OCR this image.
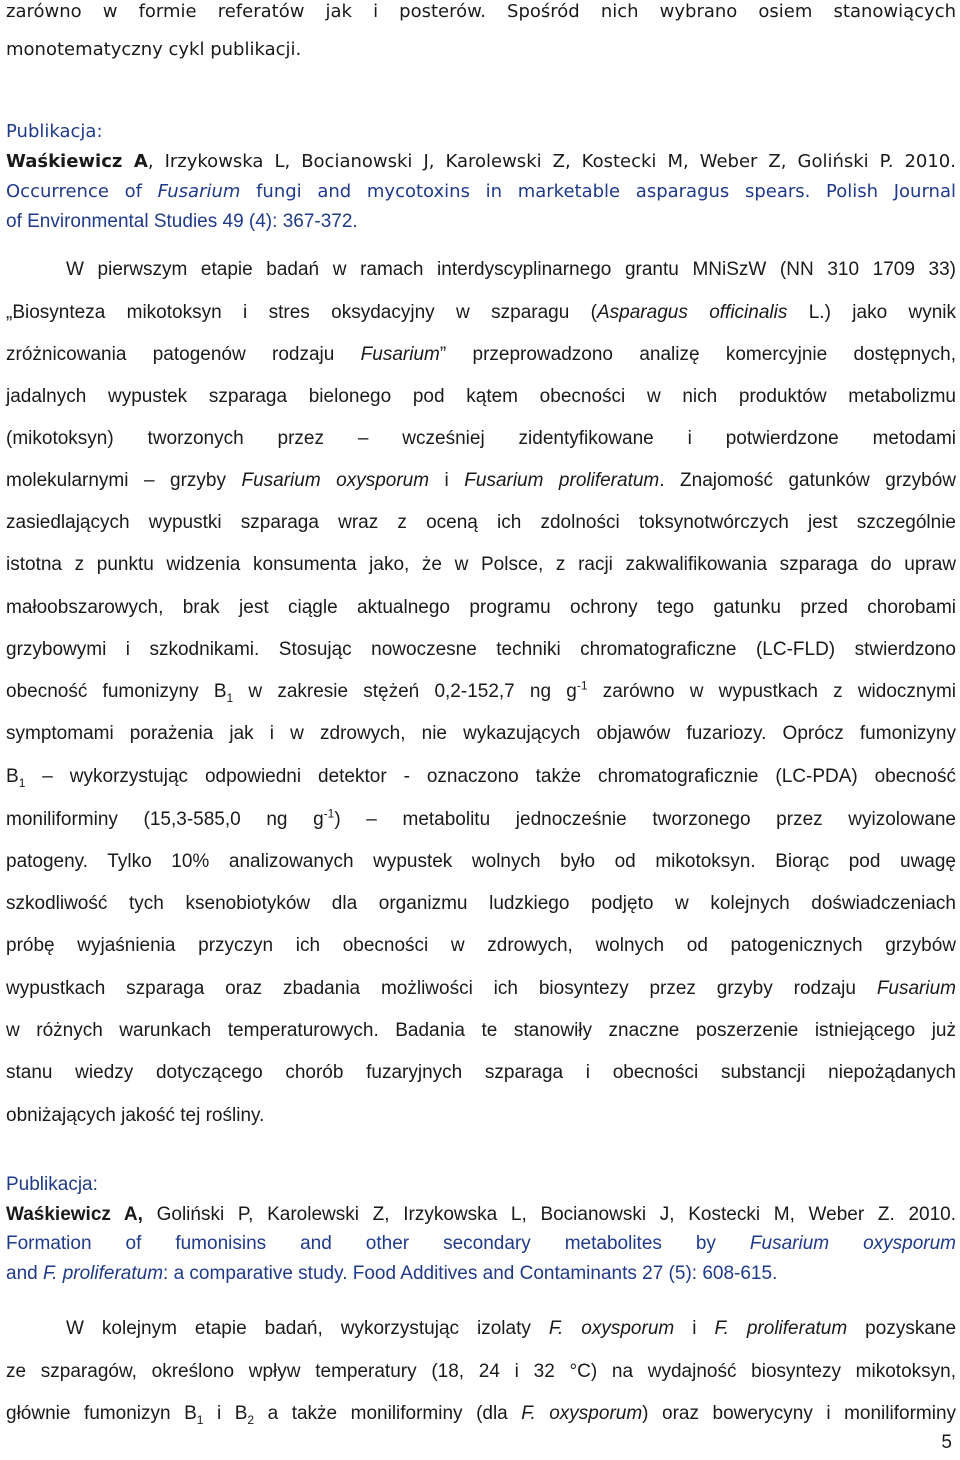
zarówno w formie referatów jak i posterów. Spośród nich wybrano osiem stanowiących
monotematyczny cykl publikacji.
Publikacja:
Waśkiewicz A, Irzykowska L, Bocianowski J, Karolewski Z, Kostecki M, Weber Z, Goliński P. 2010.
Occurrence of Fusarium fungi and mycotoxins in marketable asparagus spears. Polish Journal
of Environmental Studies 49 (4): 367-372.
W pierwszym etapie badań w ramach interdyscyplinarnego grantu MNiSzW (NN 310 1709 33)
„Biosynteza mikotoksyn i stres oksydacyjny w szparagu (Asparagus officinalis L.) jako wynik
zróżnicowania patogenów rodzaju Fusarium” przeprowadzono analizę komercyjnie dostępnych,
jadalnych wypustek szparaga bielonego pod kątem obecności w nich produktów metabolizmu
(mikotoksyn) tworzonych przez – wcześniej zidentyfikowane i potwierdzone metodami
molekularnymi – grzyby Fusarium oxysporum i Fusarium proliferatum. Znajomość gatunków grzybów
zasiedlających wypustki szparaga wraz z oceną ich zdolności toksynotwórczych jest szczególnie
istotna z punktu widzenia konsumenta jako, że w Polsce, z racji zakwalifikowania szparaga do upraw
małoobszarowych, brak jest ciągle aktualnego programu ochrony tego gatunku przed chorobami
grzybowymi i szkodnikami. Stosując nowoczesne techniki chromatograficzne (LC-FLD) stwierdzono
obecność fumonizyny $B_1$ w zakresie stężeń 0,2-152,7 ng $g^{-1}$ zarówno w wypustkach z widocznymi
symptomami porażenia jak i w zdrowych, nie wykazujących objawów fuzariozy. Oprócz fumonizyny
$B_1$ – wykorzystując odpowiedni detektor - oznaczono także chromatograficznie (LC-PDA) obecność
moniliforminy (15,3-585,0 ng $g^{-1}$) – metabolitu jednocześnie tworzonego przez wyizolowane
patogeny. Tylko 10% analizowanych wypustek wolnych było od mikotoksyn. Biorąc pod uwagę
szkodliwość tych ksenobiotyków dla organizmu ludzkiego podjęto w kolejnych doświadczeniach
próbę wyjaśnienia przyczyn ich obecności w zdrowych, wolnych od patogenicznych grzybów
wypustkach szparaga oraz zbadania możliwości ich biosyntezy przez grzyby rodzaju Fusarium
w różnych warunkach temperaturowych. Badania te stanowiły znaczne poszerzenie istniejącego już
stanu wiedzy dotyczącego chorób fuzaryjnych szparaga i obecności substancji niepożądanych
obniżających jakość tej rośliny.
Publikacja:
Waśkiewicz A, Goliński P, Karolewski Z, Irzykowska L, Bocianowski J, Kostecki M, Weber Z. 2010.
Formation of fumonisins and other secondary metabolites by Fusarium oxysporum
and F. proliferatum: a comparative study. Food Additives and Contaminants 27 (5): 608-615.
W kolejnym etapie badań, wykorzystując izolaty F. oxysporum i F. proliferatum pozyskane
ze szparagów, określono wpływ temperatury (18, 24 i 32 °C) na wydajność biosyntezy mikotoksyn,
głównie fumonizyn $B_1$ i $B_2$ a także moniliforminy (dla F. oxysporum) oraz bowerycyny i moniliforminy
5
